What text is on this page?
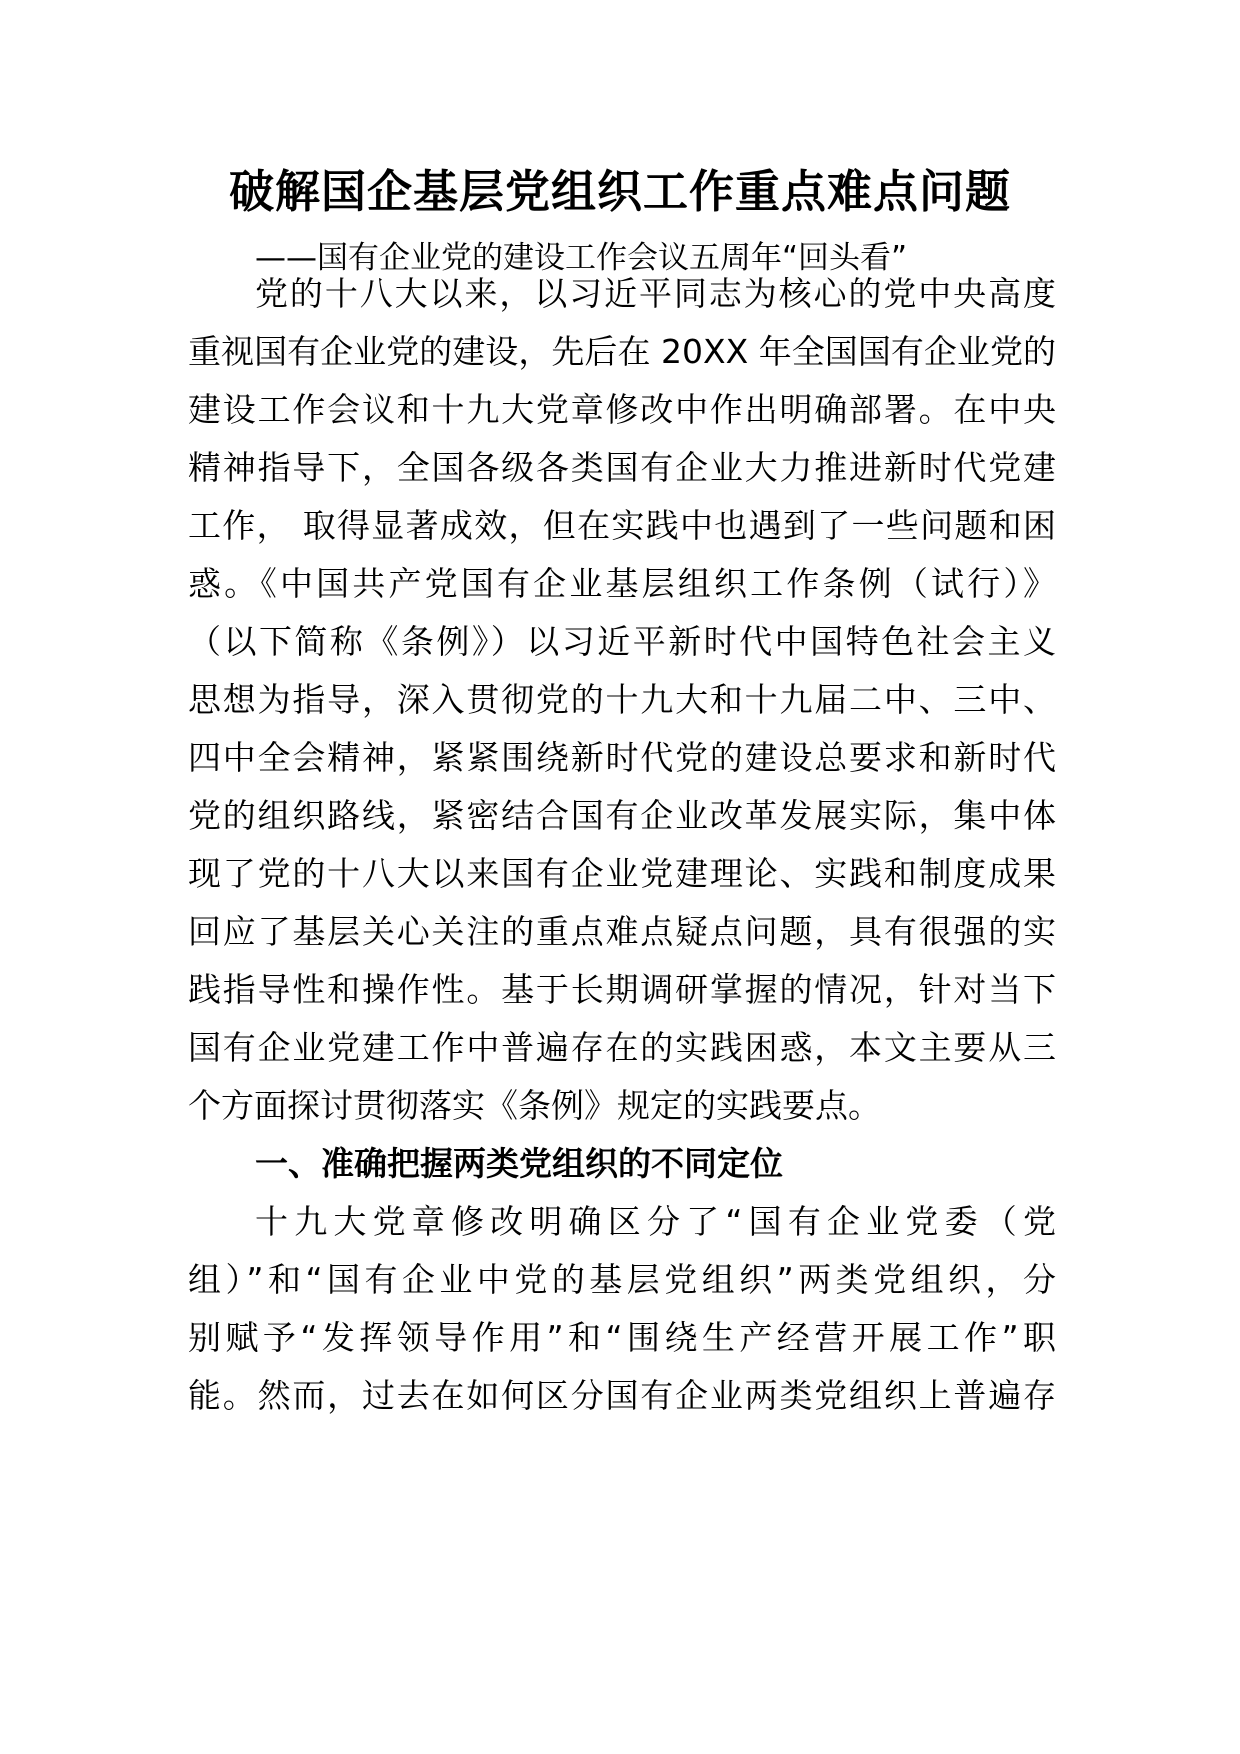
破解国企基层党组织工作重点难点问题

——国有企业党的建设工作会议五周年“回头看”

党的十八大以来，以习近平同志为核心的党中央高度

重视国有企业党的建设，先后在 20XX 年全国国有企业党的

建设工作会议和十九大党章修改中作出明确部署。在中央

精神指导下，全国各级各类国有企业大力推进新时代党建

工作， 取得显著成效，但在实践中也遇到了一些问题和困

惑。《中国共产党国有企业基层组织工作条例（试行）》

（以下简称《条例》）以习近平新时代中国特色社会主义

思想为指导，深入贯彻党的十九大和十九届二中、三中、

四中全会精神，紧紧围绕新时代党的建设总要求和新时代

党的组织路线，紧密结合国有企业改革发展实际，集中体

现了党的十八大以来国有企业党建理论、实践和制度成果

回应了基层关心关注的重点难点疑点问题，具有很强的实

践指导性和操作性。基于长期调研掌握的情况，针对当下

国有企业党建工作中普遍存在的实践困惑，本文主要从三

个方面探讨贯彻落实《条例》规定的实践要点。

一、准确把握两类党组织的不同定位

十九大党章修改明确区分了“国有企业党委（党

组）”和“国有企业中党的基层党组织”两类党组织，分

别赋予“发挥领导作用”和“围绕生产经营开展工作”职

能。然而，过去在如何区分国有企业两类党组织上普遍存
